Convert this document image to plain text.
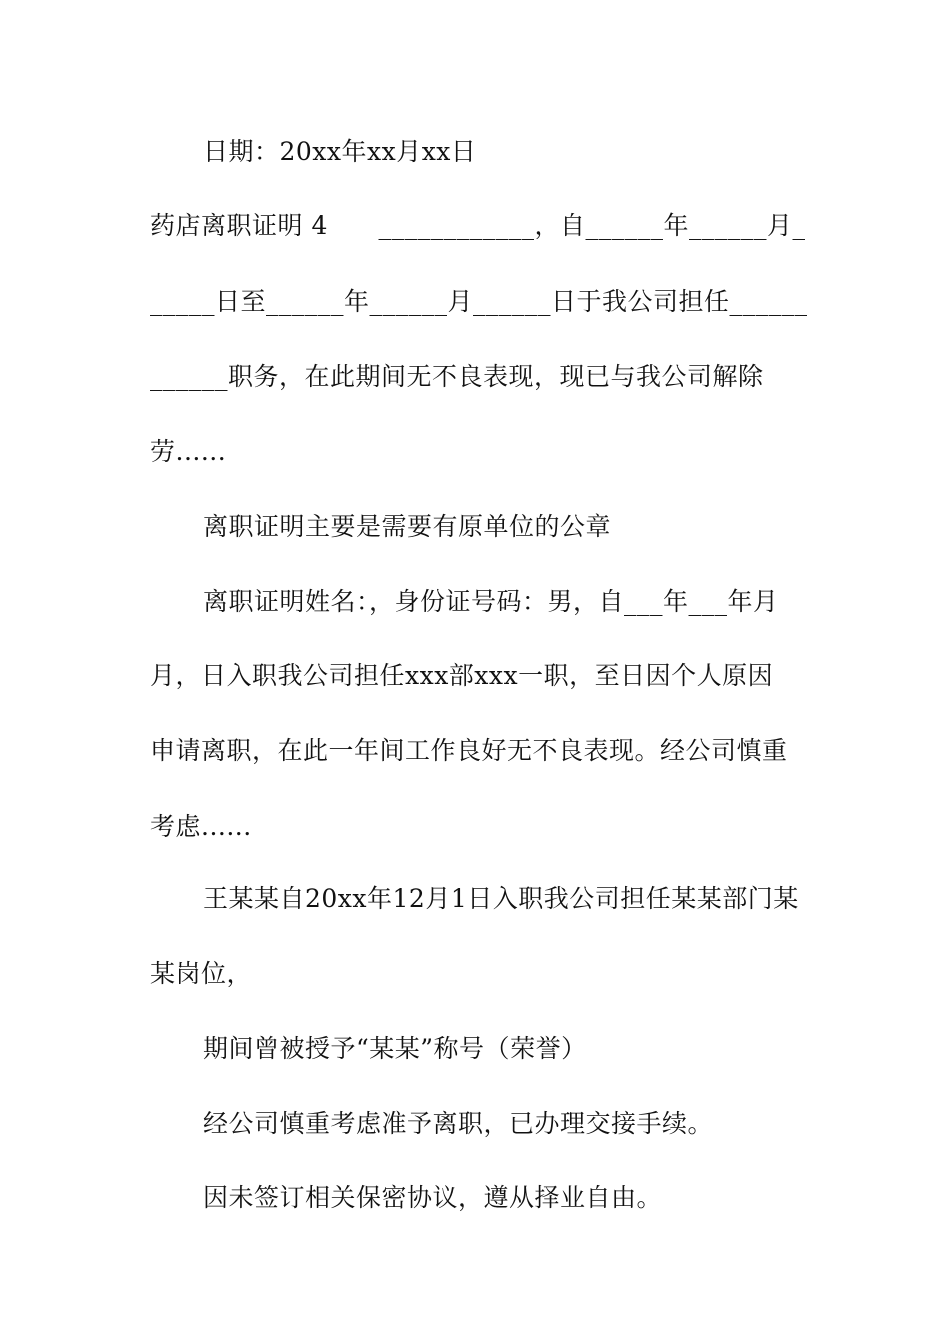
日期：20xx年xx月xx日
药店离职证明 4      ____________，自______年______月_
_____日至______年______月______日于我公司担任______
______职务，在此期间无不良表现，现已与我公司解除
劳......
离职证明主要是需要有原单位的公章
离职证明姓名：，身份证号码：男，自___年___年月
月，日入职我公司担任xxx部xxx一职，至日因个人原因
申请离职，在此一年间工作良好无不良表现。经公司慎重
考虑......
王某某自20xx年12月1日入职我公司担任某某部门某
某岗位，
期间曾被授予“某某”称号（荣誉）
经公司慎重考虑准予离职，已办理交接手续。
因未签订相关保密协议，遵从择业自由。
